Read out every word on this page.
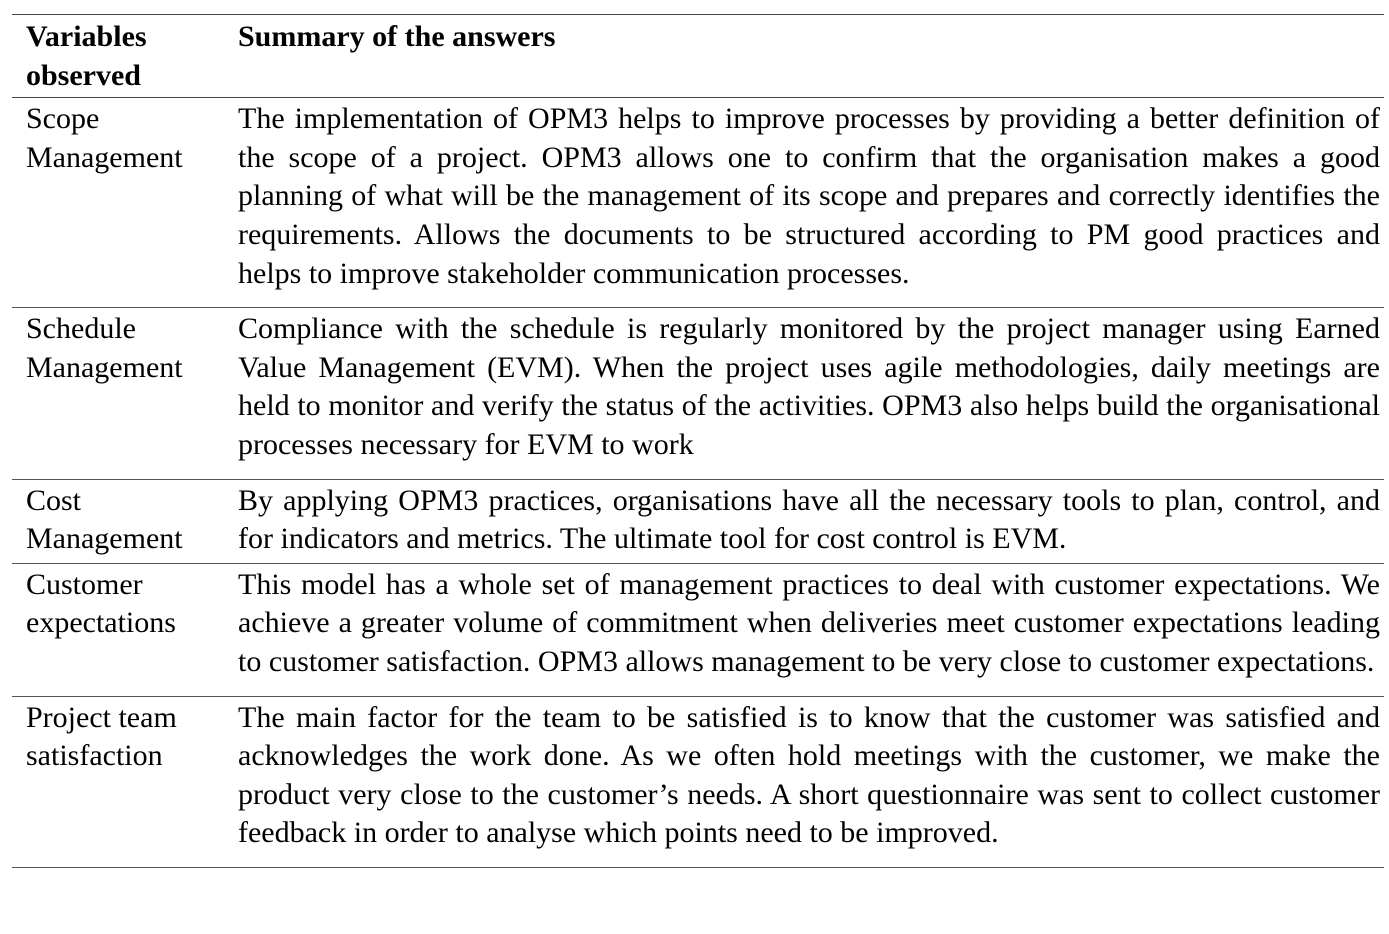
Variables observed	Summary of the answers
Scope Management	The implementation of OPM3 helps to improve processes by providing a better definition of the scope of a project. OPM3 allows one to confirm that the organisation makes a good planning of what will be the management of its scope and prepares and correctly identifies the requirements. Allows the documents to be structured according to PM good practices and helps to improve stakeholder communication processes.
Schedule Management	Compliance with the schedule is regularly monitored by the project manager using Earned Value Management (EVM). When the project uses agile methodologies, daily meetings are held to monitor and verify the status of the activities. OPM3 also helps build the organisational processes necessary for EVM to work
Cost Management	By applying OPM3 practices, organisations have all the necessary tools to plan, control, and for indicators and metrics. The ultimate tool for cost control is EVM.
Customer expectations	This model has a whole set of management practices to deal with customer expectations. We achieve a greater volume of commitment when deliveries meet customer expectations leading to customer satisfaction. OPM3 allows management to be very close to customer expectations.
Project team satisfaction	The main factor for the team to be satisfied is to know that the customer was satisfied and acknowledges the work done. As we often hold meetings with the customer, we make the product very close to the customer’s needs. A short questionnaire was sent to collect customer feedback in order to analyse which points need to be improved.
